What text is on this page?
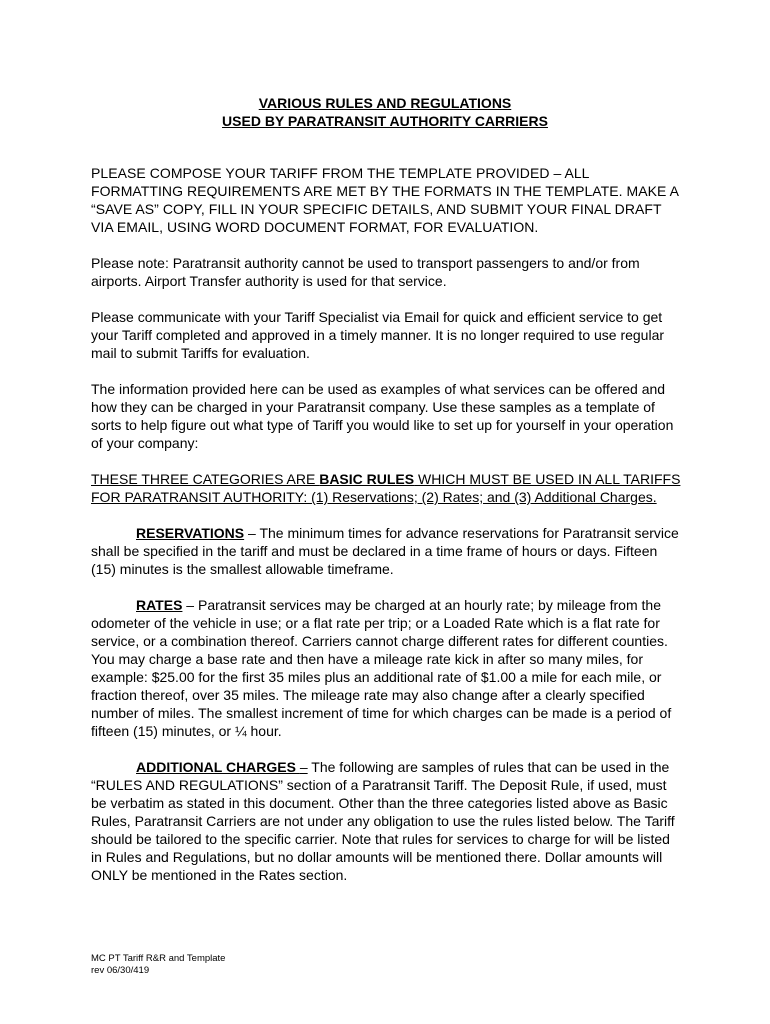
VARIOUS RULES AND REGULATIONS
USED BY PARATRANSIT AUTHORITY CARRIERS

PLEASE COMPOSE YOUR TARIFF FROM THE TEMPLATE PROVIDED – ALL FORMATTING REQUIREMENTS ARE MET BY THE FORMATS IN THE TEMPLATE. MAKE A “SAVE AS” COPY, FILL IN YOUR SPECIFIC DETAILS, AND SUBMIT YOUR FINAL DRAFT VIA EMAIL, USING WORD DOCUMENT FORMAT, FOR EVALUATION.

Please note: Paratransit authority cannot be used to transport passengers to and/or from airports. Airport Transfer authority is used for that service.

Please communicate with your Tariff Specialist via Email for quick and efficient service to get your Tariff completed and approved in a timely manner. It is no longer required to use regular mail to submit Tariffs for evaluation.

The information provided here can be used as examples of what services can be offered and how they can be charged in your Paratransit company. Use these samples as a template of sorts to help figure out what type of Tariff you would like to set up for yourself in your operation of your company:

THESE THREE CATEGORIES ARE BASIC RULES WHICH MUST BE USED IN ALL TARIFFS FOR PARATRANSIT AUTHORITY: (1) Reservations; (2) Rates; and (3) Additional Charges.

RESERVATIONS – The minimum times for advance reservations for Paratransit service shall be specified in the tariff and must be declared in a time frame of hours or days. Fifteen (15) minutes is the smallest allowable timeframe.

RATES – Paratransit services may be charged at an hourly rate; by mileage from the odometer of the vehicle in use; or a flat rate per trip; or a Loaded Rate which is a flat rate for service, or a combination thereof. Carriers cannot charge different rates for different counties. You may charge a base rate and then have a mileage rate kick in after so many miles, for example: $25.00 for the first 35 miles plus an additional rate of $1.00 a mile for each mile, or fraction thereof, over 35 miles. The mileage rate may also change after a clearly specified number of miles. The smallest increment of time for which charges can be made is a period of fifteen (15) minutes, or ¼ hour.

ADDITIONAL CHARGES – The following are samples of rules that can be used in the “RULES AND REGULATIONS” section of a Paratransit Tariff. The Deposit Rule, if used, must be verbatim as stated in this document. Other than the three categories listed above as Basic Rules, Paratransit Carriers are not under any obligation to use the rules listed below. The Tariff should be tailored to the specific carrier. Note that rules for services to charge for will be listed in Rules and Regulations, but no dollar amounts will be mentioned there. Dollar amounts will ONLY be mentioned in the Rates section.

MC PT Tariff R&R and Template
rev 06/30/419
